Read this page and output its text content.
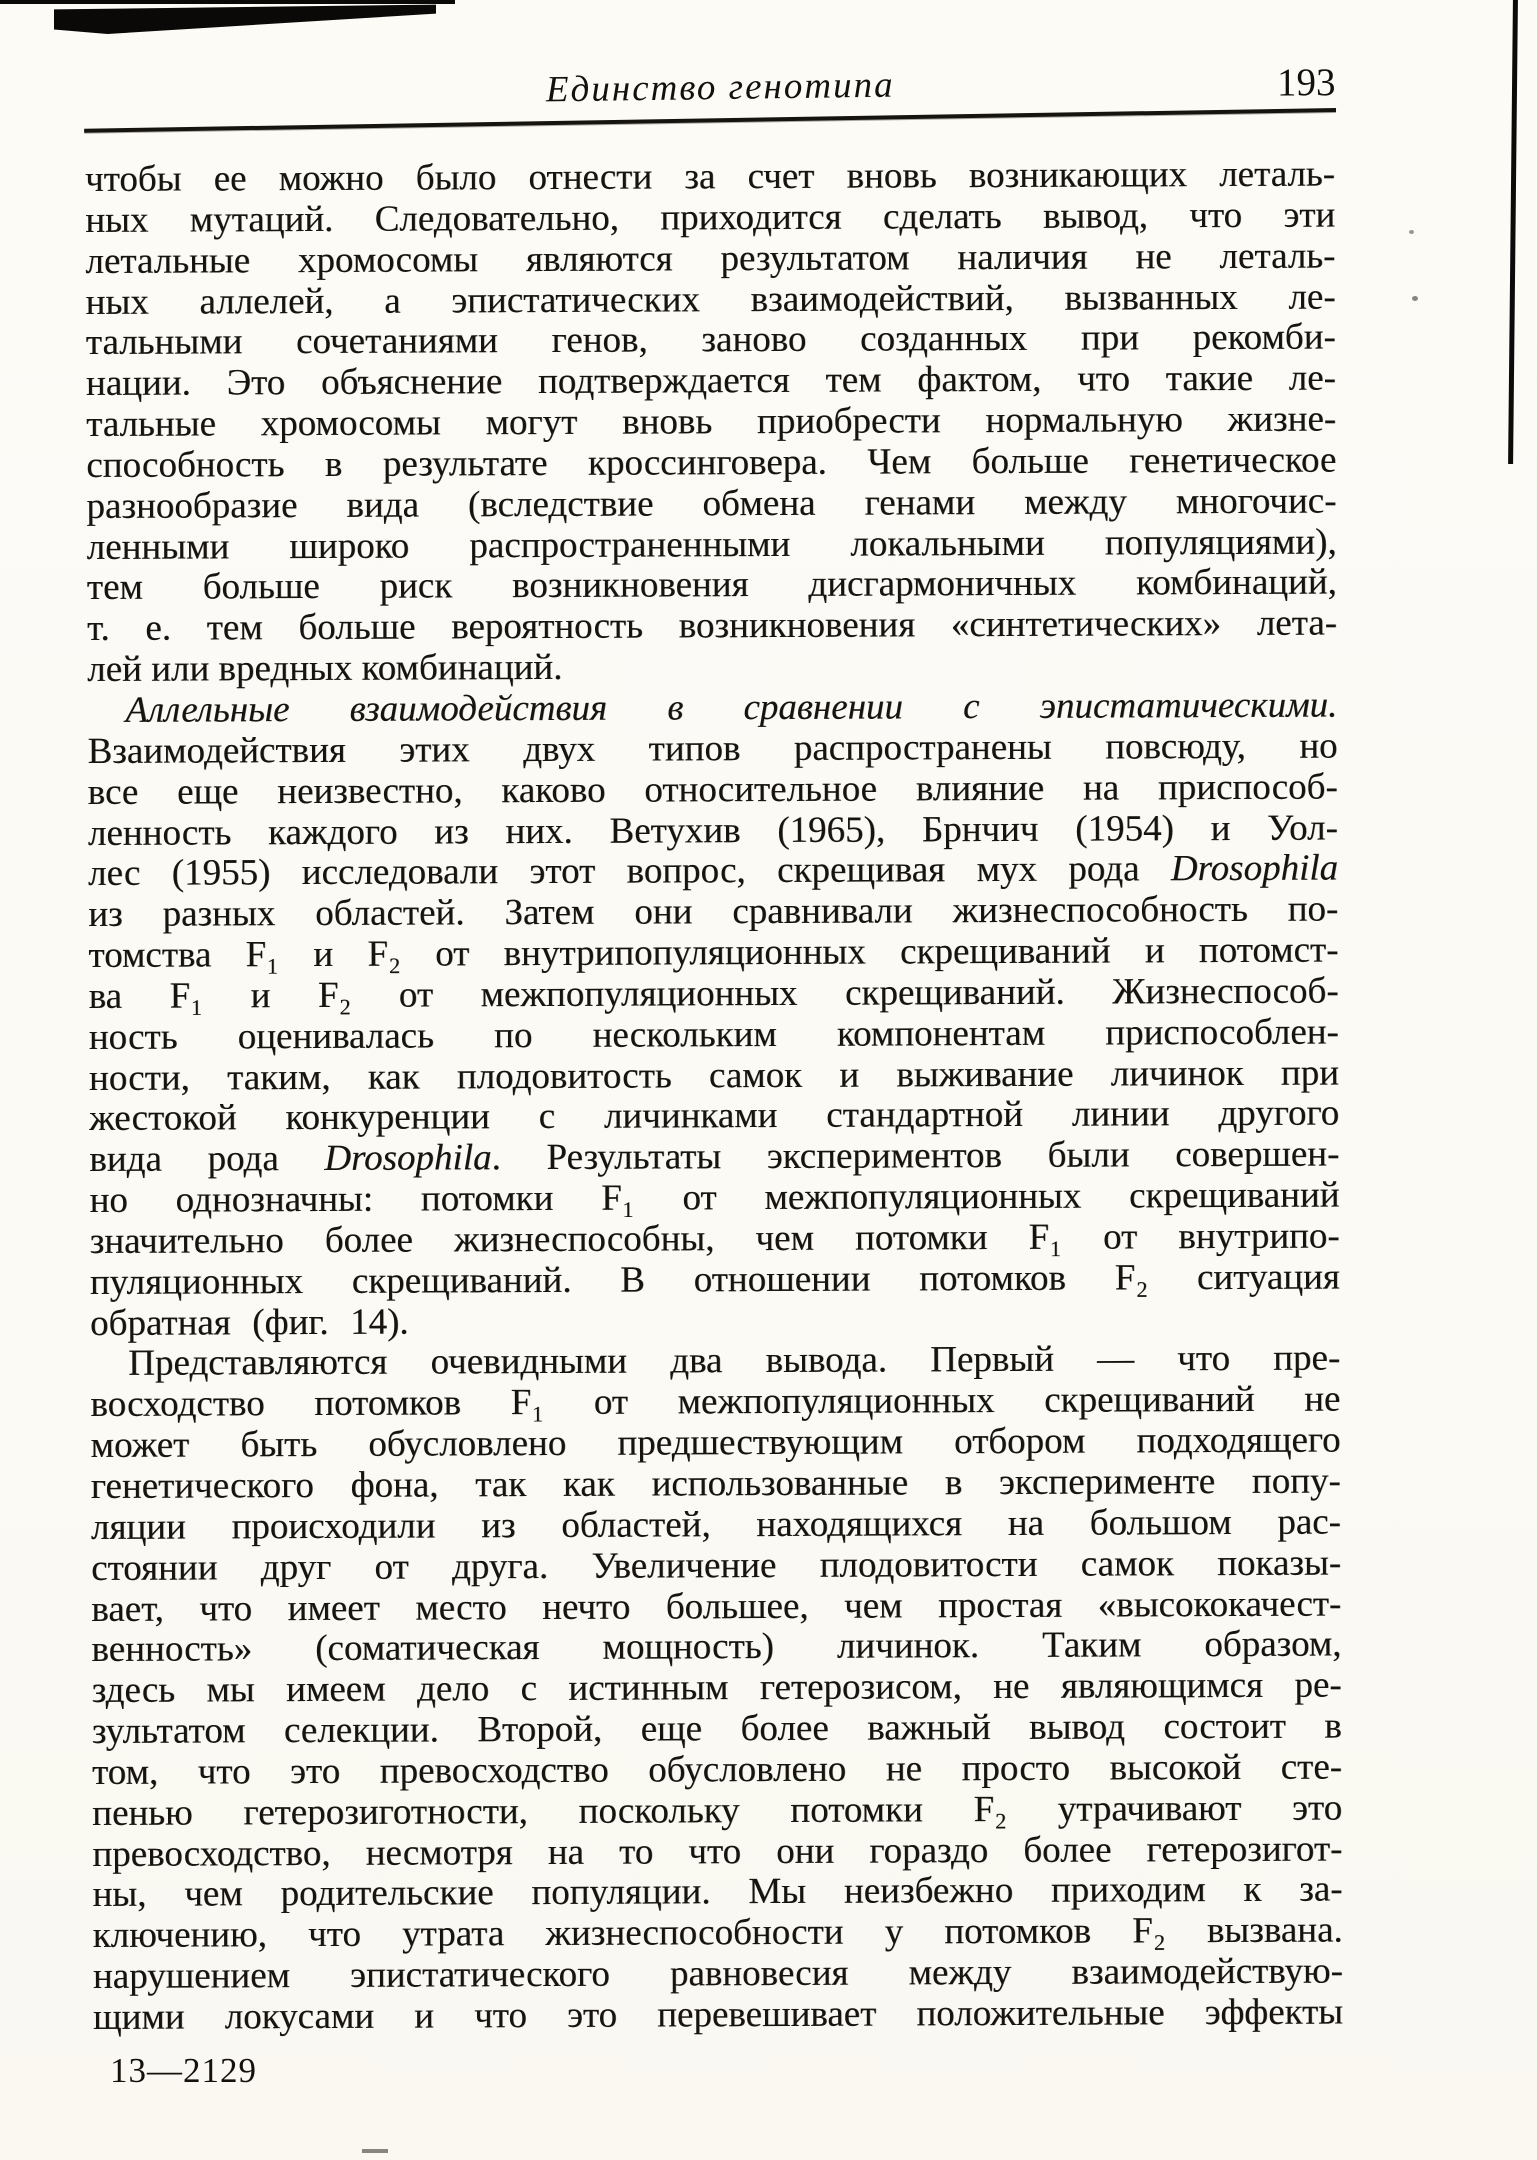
Единство генотипа	193
чтобы ее можно было отнести за счет вновь возникающих леталь-
ных мутаций. Следовательно, приходится сделать вывод, что эти
летальные хромосомы являются результатом наличия не леталь-
ных аллелей, а эпистатических взаимодействий, вызванных ле-
тальными сочетаниями генов, заново созданных при рекомби-
нации. Это объяснение подтверждается тем фактом, что такие ле-
тальные хромосомы могут вновь приобрести нормальную жизне-
способность в результате кроссинговера. Чем больше генетическое
разнообразие вида (вследствие обмена генами между многочис-
ленными широко распространенными локальными популяциями),
тем больше риск возникновения дисгармоничных комбинаций,
т. е. тем больше вероятность возникновения «синтетических» лета-
лей или вредных комбинаций.
Аллельные взаимодействия в сравнении с эпистатическими.
Взаимодействия этих двух типов распространены повсюду, но
все еще неизвестно, каково относительное влияние на приспособ-
ленность каждого из них. Ветухив (1965), Брнчич (1954) и Уол-
лес (1955) исследовали этот вопрос, скрещивая мух рода Drosophila
из разных областей. Затем они сравнивали жизнеспособность по-
томства F₁ и F₂ от внутрипопуляционных скрещиваний и потомст-
ва F₁ и F₂ от межпопуляционных скрещиваний. Жизнеспособ-
ность оценивалась по нескольким компонентам приспособлен-
ности, таким, как плодовитость самок и выживание личинок при
жестокой конкуренции с личинками стандартной линии другого
вида рода Drosophila. Результаты экспериментов были совершен-
но однозначны: потомки F₁ от межпопуляционных скрещиваний
значительно более жизнеспособны, чем потомки F₁ от внутрипо-
пуляционных скрещиваний. В отношении потомков F₂ ситуация
обратная (фиг. 14).
Представляются очевидными два вывода. Первый — что пре-
восходство потомков F₁ от межпопуляционных скрещиваний не
может быть обусловлено предшествующим отбором подходящего
генетического фона, так как использованные в эксперименте попу-
ляции происходили из областей, находящихся на большом рас-
стоянии друг от друга. Увеличение плодовитости самок показы-
вает, что имеет место нечто большее, чем простая «высококачест-
венность» (соматическая мощность) личинок. Таким образом,
здесь мы имеем дело с истинным гетерозисом, не являющимся ре-
зультатом селекции. Второй, еще более важный вывод состоит в
том, что это превосходство обусловлено не просто высокой сте-
пенью гетерозиготности, поскольку потомки F₂ утрачивают это
превосходство, несмотря на то что они гораздо более гетерозигот-
ны, чем родительские популяции. Мы неизбежно приходим к за-
ключению, что утрата жизнеспособности у потомков F₂ вызвана.
нарушением эпистатического равновесия между взаимодействую-
щими локусами и что это перевешивает положительные эффекты
13—2129
